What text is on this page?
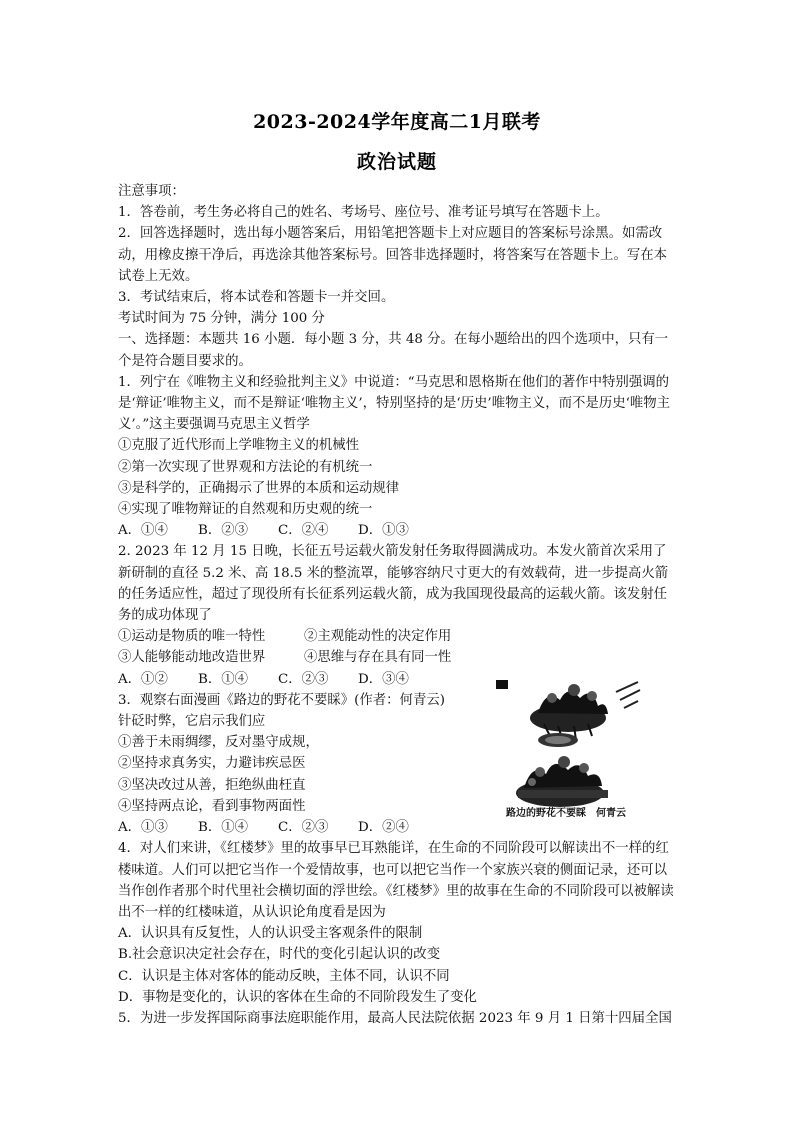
2023-2024学年度高二1月联考
政治试题

注意事项：

1．答卷前，考生务必将自己的姓名、考场号、座位号、准考证号填写在答题卡上。

2．回答选择题时，选出每小题答案后，用铅笔把答题卡上对应题目的答案标号涂黑。如需改动，用橡皮擦干净后，再选涂其他答案标号。回答非选择题时，将答案写在答题卡上。写在本试卷上无效。

3．考试结束后，将本试卷和答题卡一并交回。

考试时间为 75 分钟，满分 100 分

一、选择题：本题共 16 小题．每小题 3 分，共 48 分。在每小题给出的四个选项中，只有一个是符合题目要求的。

1．列宁在《唯物主义和经验批判主义》中说道：“马克思和恩格斯在他们的著作中特别强调的是‘辩证’唯物主义，而不是辩证‘唯物主义’，特别坚持的是‘历史’唯物主义，而不是历史‘唯物主义’。”这主要强调马克思主义哲学

①克服了近代形而上学唯物主义的机械性

②第一次实现了世界观和方法论的有机统一

③是科学的，正确揭示了世界的本质和运动规律

④实现了唯物辩证的自然观和历史观的统一

A．①④	B．②③	C．②④	D．①③

2. 2023 年 12 月 15 日晚，长征五号运载火箭发射任务取得圆满成功。本发火箭首次采用了新研制的直径 5.2 米、高 18.5 米的整流罩，能够容纳尺寸更大的有效载荷，进一步提高火箭的任务适应性，超过了现役所有长征系列运载火箭，成为我国现役最高的运载火箭。该发射任务的成功体现了

①运动是物质的唯一特性	②主观能动性的决定作用

③人能够能动地改造世界	④思维与存在具有同一性

A．①②	B．①④	C．②③	D．③④

3．观察右面漫画《路边的野花不要睬》(作者：何青云)

针砭时弊，它启示我们应

①善于未雨绸缪，反对墨守成规，

②坚持求真务实，力避讳疾忌医

③坚决改过从善，拒绝纵曲枉直

④坚持两点论，看到事物两面性

A．①③	B．①④	C．②③	D．②④

4．对人们来讲，《红楼梦》里的故事早已耳熟能详，在生命的不同阶段可以解读出不一样的红楼味道。人们可以把它当作一个爱情故事，也可以把它当作一个家族兴衰的侧面记录，还可以当作创作者那个时代里社会横切面的浮世绘。《红楼梦》里的故事在生命的不同阶段可以被解读出不一样的红楼味道，从认识论角度看是因为

A．认识具有反复性，人的认识受主客观条件的限制

B.社会意识决定社会存在，时代的变化引起认识的改变

C．认识是主体对客体的能动反映，主体不同，认识不同

D．事物是变化的，认识的客体在生命的不同阶段发生了变化

5．为进一步发挥国际商事法庭职能作用，最高人民法院依据 2023 年 9 月 1 日第十四届全国

路边的野花不要睬　何青云
